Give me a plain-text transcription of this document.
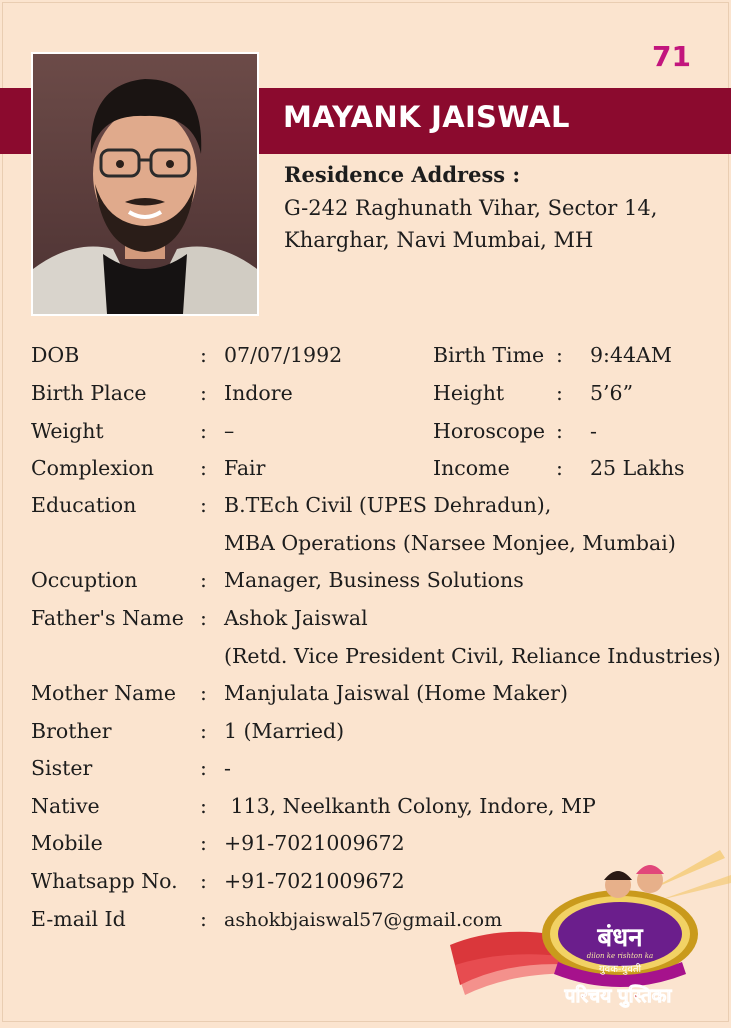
71
MAYANK JAISWAL
Residence Address :
G-242 Raghunath Vihar, Sector 14,
Kharghar, Navi Mumbai, MH
DOB	: 07/07/1992	Birth Time : 9:44AM
Birth Place	: Indore	Height	: 5’6”
Weight	: –	Horoscope : -
Complexion : Fair	Income : 25 Lakhs
Education	: B.TEch Civil (UPES Dehradun),
MBA Operations (Narsee Monjee, Mumbai)
Occuption	: Manager, Business Solutions
Father's Name : Ashok Jaiswal
(Retd. Vice President Civil, Reliance Industries)
Mother Name : Manjulata Jaiswal (Home Maker)
Brother	: 1 (Married)
Sister	: -
Native	: 113, Neelkanth Colony, Indore, MP
Mobile	: +91-7021009672
Whatsapp No. : +91-7021009672
E-mail Id	: ashokbjaiswal57@gmail.com
बंधन
dilon ke rishton ka
युवक-युवती
परिचय पुस्तिका
